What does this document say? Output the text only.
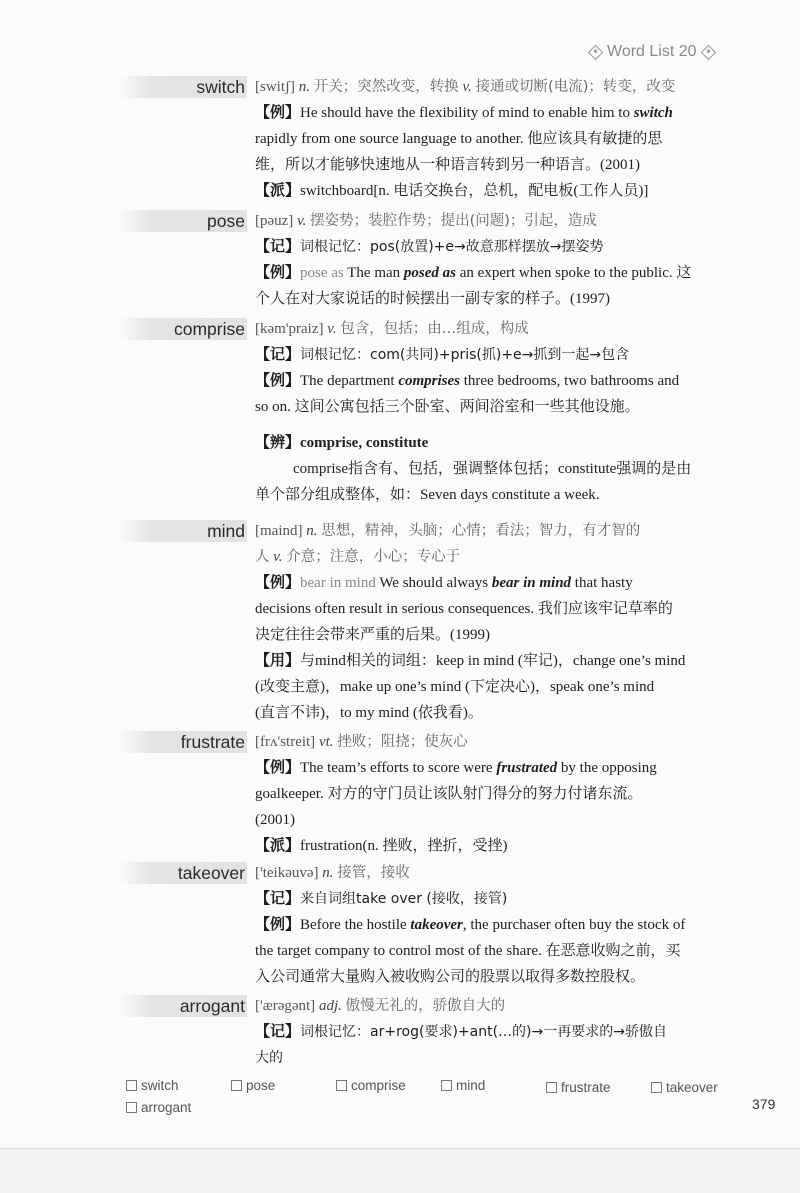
Word List 20
switch [switʃ] n. 开关；突然改变，转换 v. 接通或切断(电流)；转变，改变
【例】He should have the flexibility of mind to enable him to switch
rapidly from one source language to another. 他应该具有敏捷的思
维，所以才能够快速地从一种语言转到另一种语言。(2001)
【派】switchboard[n. 电话交换台，总机，配电板(工作人员)]
pose [pəuz] v. 摆姿势；装腔作势；提出(问题)；引起，造成
【记】词根记忆：pos(放置)+e→故意那样摆放→摆姿势
【例】pose as The man posed as an expert when spoke to the public. 这
个人在对大家说话的时候摆出一副专家的样子。(1997)
comprise [kəm'praiz] v. 包含，包括；由…组成，构成
【记】词根记忆：com(共同)+pris(抓)+e→抓到一起→包含
【例】The department comprises three bedrooms, two bathrooms and
so on. 这间公寓包括三个卧室、两间浴室和一些其他设施。
【辨】comprise, constitute
comprise指含有、包括，强调整体包括；constitute强调的是由
单个部分组成整体，如：Seven days constitute a week.
mind [maind] n. 思想，精神，头脑；心情；看法；智力，有才智的
人 v. 介意；注意，小心；专心于
【例】bear in mind We should always bear in mind that hasty
decisions often result in serious consequences. 我们应该牢记草率的
决定往往会带来严重的后果。(1999)
【用】与mind相关的词组：keep in mind (牢记)，change one’s mind
(改变主意)，make up one’s mind (下定决心)，speak one’s mind
(直言不讳)，to my mind (依我看)。
frustrate [frʌ'streit] vt. 挫败；阻挠；使灰心
【例】The team’s efforts to score were frustrated by the opposing
goalkeeper. 对方的守门员让该队射门得分的努力付诸东流。
(2001)
【派】frustration(n. 挫败，挫折，受挫)
takeover ['teikəuvə] n. 接管，接收
【记】来自词组take over (接收，接管)
【例】Before the hostile takeover, the purchaser often buy the stock of
the target company to control most of the share. 在恶意收购之前，买
入公司通常大量购入被收购公司的股票以取得多数控股权。
arrogant ['ærəgənt] adj. 傲慢无礼的，骄傲自大的
【记】词根记忆：ar+rog(要求)+ant(…的)→一再要求的→骄傲自
大的
switch	pose	comprise	mind	frustrate	takeover
arrogant	379
